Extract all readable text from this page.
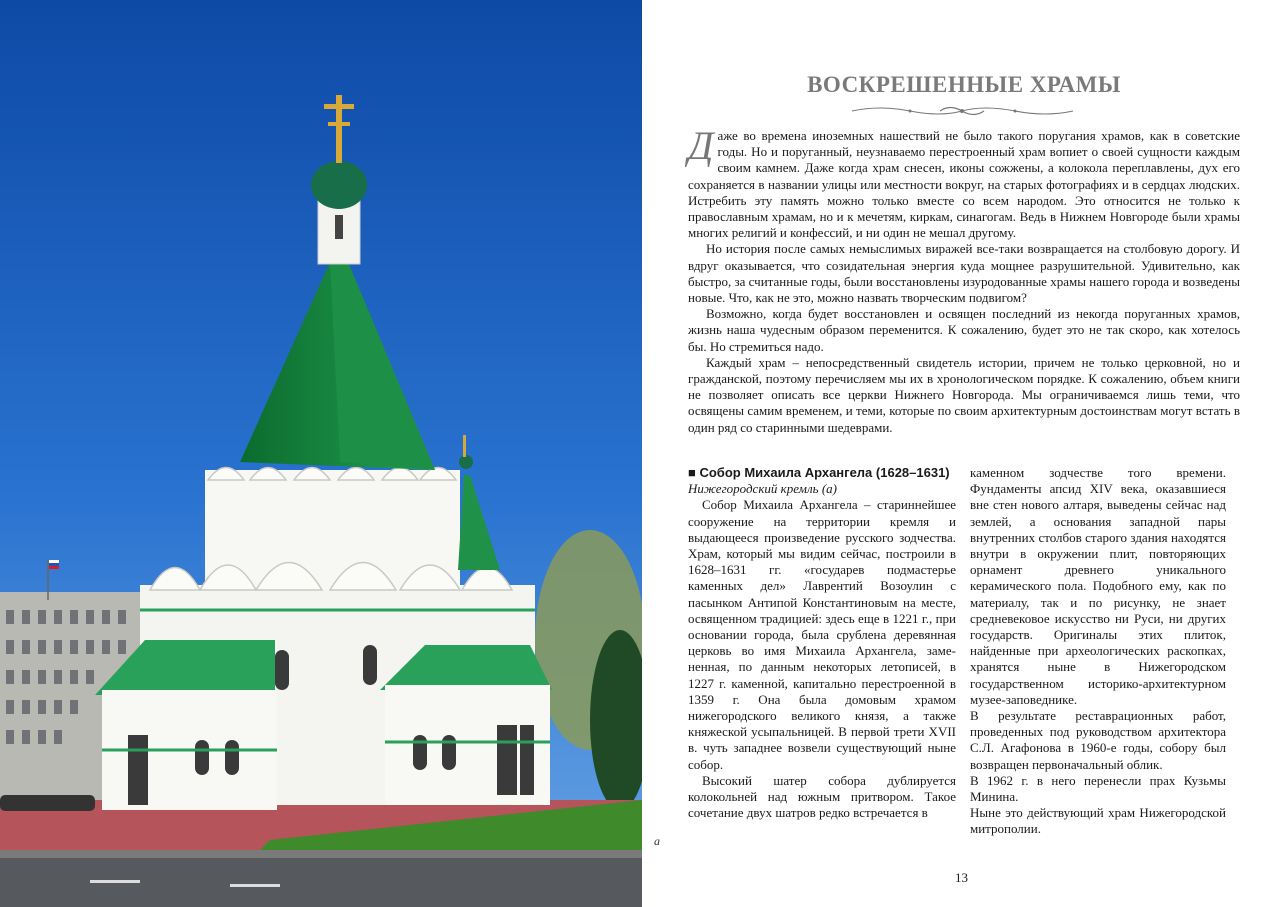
а
ВОСКРЕШЕННЫЕ ХРАМЫ

Даже во времена иноземных нашествий не было такого поругания храмов, как в советские годы. Но и поруганный, неузнаваемо перестроенный храм вопиет о своей сущности каждым своим камнем. Даже когда храм снесен, иконы сожжены, а колокола переплавлены, дух его сохраняется в названии улицы или местности вокруг, на старых фотографиях и в сердцах людских. Истребить эту память можно только вместе со всем народом. Это относится не только к православным храмам, но и к мечетям, киркам, синагогам. Ведь в Нижнем Новгороде были храмы многих религий и конфессий, и ни один не мешал другому.

Но история после самых немыслимых виражей все-таки возвращается на столбовую дорогу. И вдруг оказывается, что созидательная энергия куда мощнее разрушительной. Удивительно, как быстро, за считанные годы, были восстановлены изуродованные храмы нашего города и возведены новые. Что, как не это, можно назвать творческим подвигом?

Возможно, когда будет восстановлен и освящен последний из некогда поруганных храмов, жизнь наша чудесным образом переменится. К сожалению, будет это не так скоро, как хотелось бы. Но стремиться надо.

Каждый храм – непосредственный свидетель истории, причем не только церковной, но и гражданской, поэтому перечисляем мы их в хронологическом порядке. К сожалению, объем книги не позволяет описать все церкви Нижнего Новгорода. Мы ограничиваемся лишь теми, что освящены самим временем, и теми, которые по своим архитектурным достоинствам могут встать в один ряд со старинными шедеврами.

■ Собор Михаила Архангела (1628–1631)

Нижегородский кремль (а)

Собор Михаила Архангела – стариннейшее сооружение на территории кремля и выдающееся произведение русского зодчества. Храм, который мы видим сейчас, построили в 1628–1631 гг. «государев подмастерье каменных дел» Лаврентий Возоулин с пасынком Антипой Константиновым на месте, освященном традицией: здесь еще в 1221 г., при основании города, была срублена деревянная церковь во имя Михаила Архангела, замененная, по данным некоторых летописей, в 1227 г. каменной, капитально перестроенной в 1359 г. Она была домовым храмом нижегородского великого князя, а также княжеской усыпальницей. В первой трети XVII в. чуть западнее возвели существующий ныне собор.

Высокий шатер собора дублируется колокольней над южным притвором. Такое сочетание двух шатров редко встречается в

каменном зодчестве того времени. Фундаменты апсид XIV века, оказавшиеся вне стен нового алтаря, выведены сейчас над землей, а основания западной пары внутренних столбов старого здания находятся внутри в окружении плит, повторяющих орнамент древнего уникального керамического пола. Подобного ему, как по материалу, так и по рисунку, не знает средневековое искусство ни Руси, ни других государств. Оригиналы этих плиток, найденные при археологических раскопках, хранятся ныне в Нижегородском государственном историко-архитектурном музее-заповеднике.

В результате реставрационных работ, проведенных под руководством архитектора С.Л. Агафонова в 1960-е годы, собору был возвращен первоначальный облик.

В 1962 г. в него перенесли прах Кузьмы Минина.

Ныне это действующий храм Нижегородской митрополии.

13
